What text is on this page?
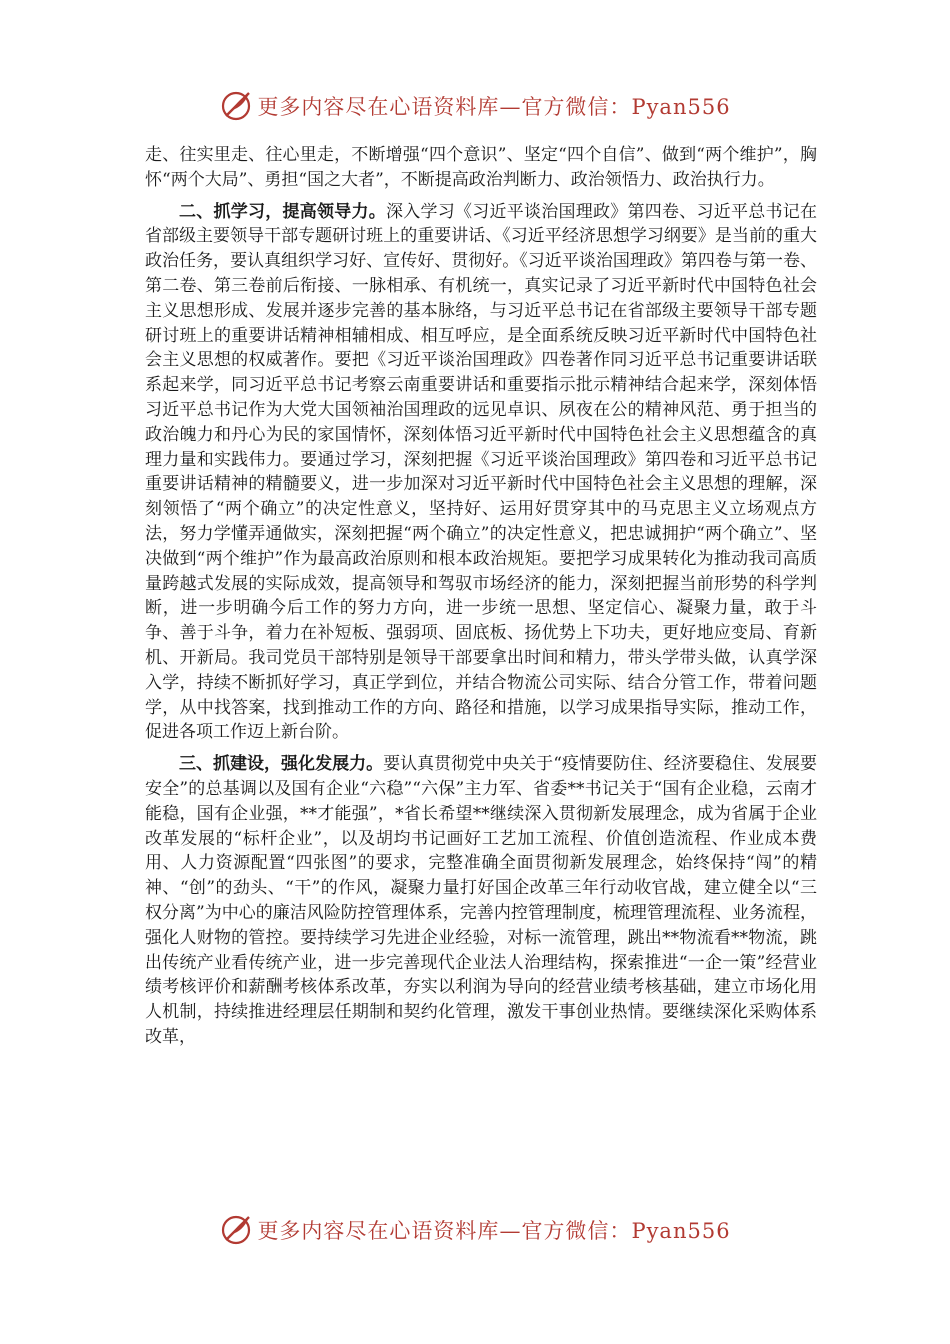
更多内容尽在心语资料库—官方微信：Pyan556

走、往实里走、往心里走，不断增强“四个意识”、坚定“四个自信”、做到“两个维护”，胸怀“两个大局”、勇担“国之大者”，不断提高政治判断力、政治领悟力、政治执行力。

二、抓学习，提高领导力。深入学习《习近平谈治国理政》第四卷、习近平总书记在省部级主要领导干部专题研讨班上的重要讲话、《习近平经济思想学习纲要》是当前的重大政治任务，要认真组织学习好、宣传好、贯彻好。《习近平谈治国理政》第四卷与第一卷、第二卷、第三卷前后衔接、一脉相承、有机统一，真实记录了习近平新时代中国特色社会主义思想形成、发展并逐步完善的基本脉络，与习近平总书记在省部级主要领导干部专题研讨班上的重要讲话精神相辅相成、相互呼应，是全面系统反映习近平新时代中国特色社会主义思想的权威著作。要把《习近平谈治国理政》四卷著作同习近平总书记重要讲话联系起来学，同习近平总书记考察云南重要讲话和重要指示批示精神结合起来学，深刻体悟习近平总书记作为大党大国领袖治国理政的远见卓识、夙夜在公的精神风范、勇于担当的政治魄力和丹心为民的家国情怀，深刻体悟习近平新时代中国特色社会主义思想蕴含的真理力量和实践伟力。要通过学习，深刻把握《习近平谈治国理政》第四卷和习近平总书记重要讲话精神的精髓要义，进一步加深对习近平新时代中国特色社会主义思想的理解，深刻领悟了“两个确立”的决定性意义，坚持好、运用好贯穿其中的马克思主义立场观点方法，努力学懂弄通做实，深刻把握“两个确立”的决定性意义，把忠诚拥护“两个确立”、坚决做到“两个维护”作为最高政治原则和根本政治规矩。要把学习成果转化为推动我司高质量跨越式发展的实际成效，提高领导和驾驭市场经济的能力，深刻把握当前形势的科学判断，进一步明确今后工作的努力方向，进一步统一思想、坚定信心、凝聚力量，敢于斗争、善于斗争，着力在补短板、强弱项、固底板、扬优势上下功夫，更好地应变局、育新机、开新局。我司党员干部特别是领导干部要拿出时间和精力，带头学带头做，认真学深入学，持续不断抓好学习，真正学到位，并结合物流公司实际、结合分管工作，带着问题学，从中找答案，找到推动工作的方向、路径和措施，以学习成果指导实际，推动工作，促进各项工作迈上新台阶。

三、抓建设，强化发展力。要认真贯彻党中央关于“疫情要防住、经济要稳住、发展要安全”的总基调以及国有企业“六稳”“六保”主力军、省委**书记关于“国有企业稳，云南才能稳，国有企业强，**才能强”，*省长希望**继续深入贯彻新发展理念，成为省属于企业改革发展的“标杆企业”，以及胡均书记画好工艺加工流程、价值创造流程、作业成本费用、人力资源配置“四张图”的要求，完整准确全面贯彻新发展理念，始终保持“闯”的精神、“创”的劲头、“干”的作风，凝聚力量打好国企改革三年行动收官战，建立健全以“三权分离”为中心的廉洁风险防控管理体系，完善内控管理制度，梳理管理流程、业务流程，强化人财物的管控。要持续学习先进企业经验，对标一流管理，跳出**物流看**物流，跳出传统产业看传统产业，进一步完善现代企业法人治理结构，探索推进“一企一策”经营业绩考核评价和薪酬考核体系改革，夯实以利润为导向的经营业绩考核基础，建立市场化用人机制，持续推进经理层任期制和契约化管理，激发干事创业热情。要继续深化采购体系改革，

更多内容尽在心语资料库—官方微信：Pyan556
